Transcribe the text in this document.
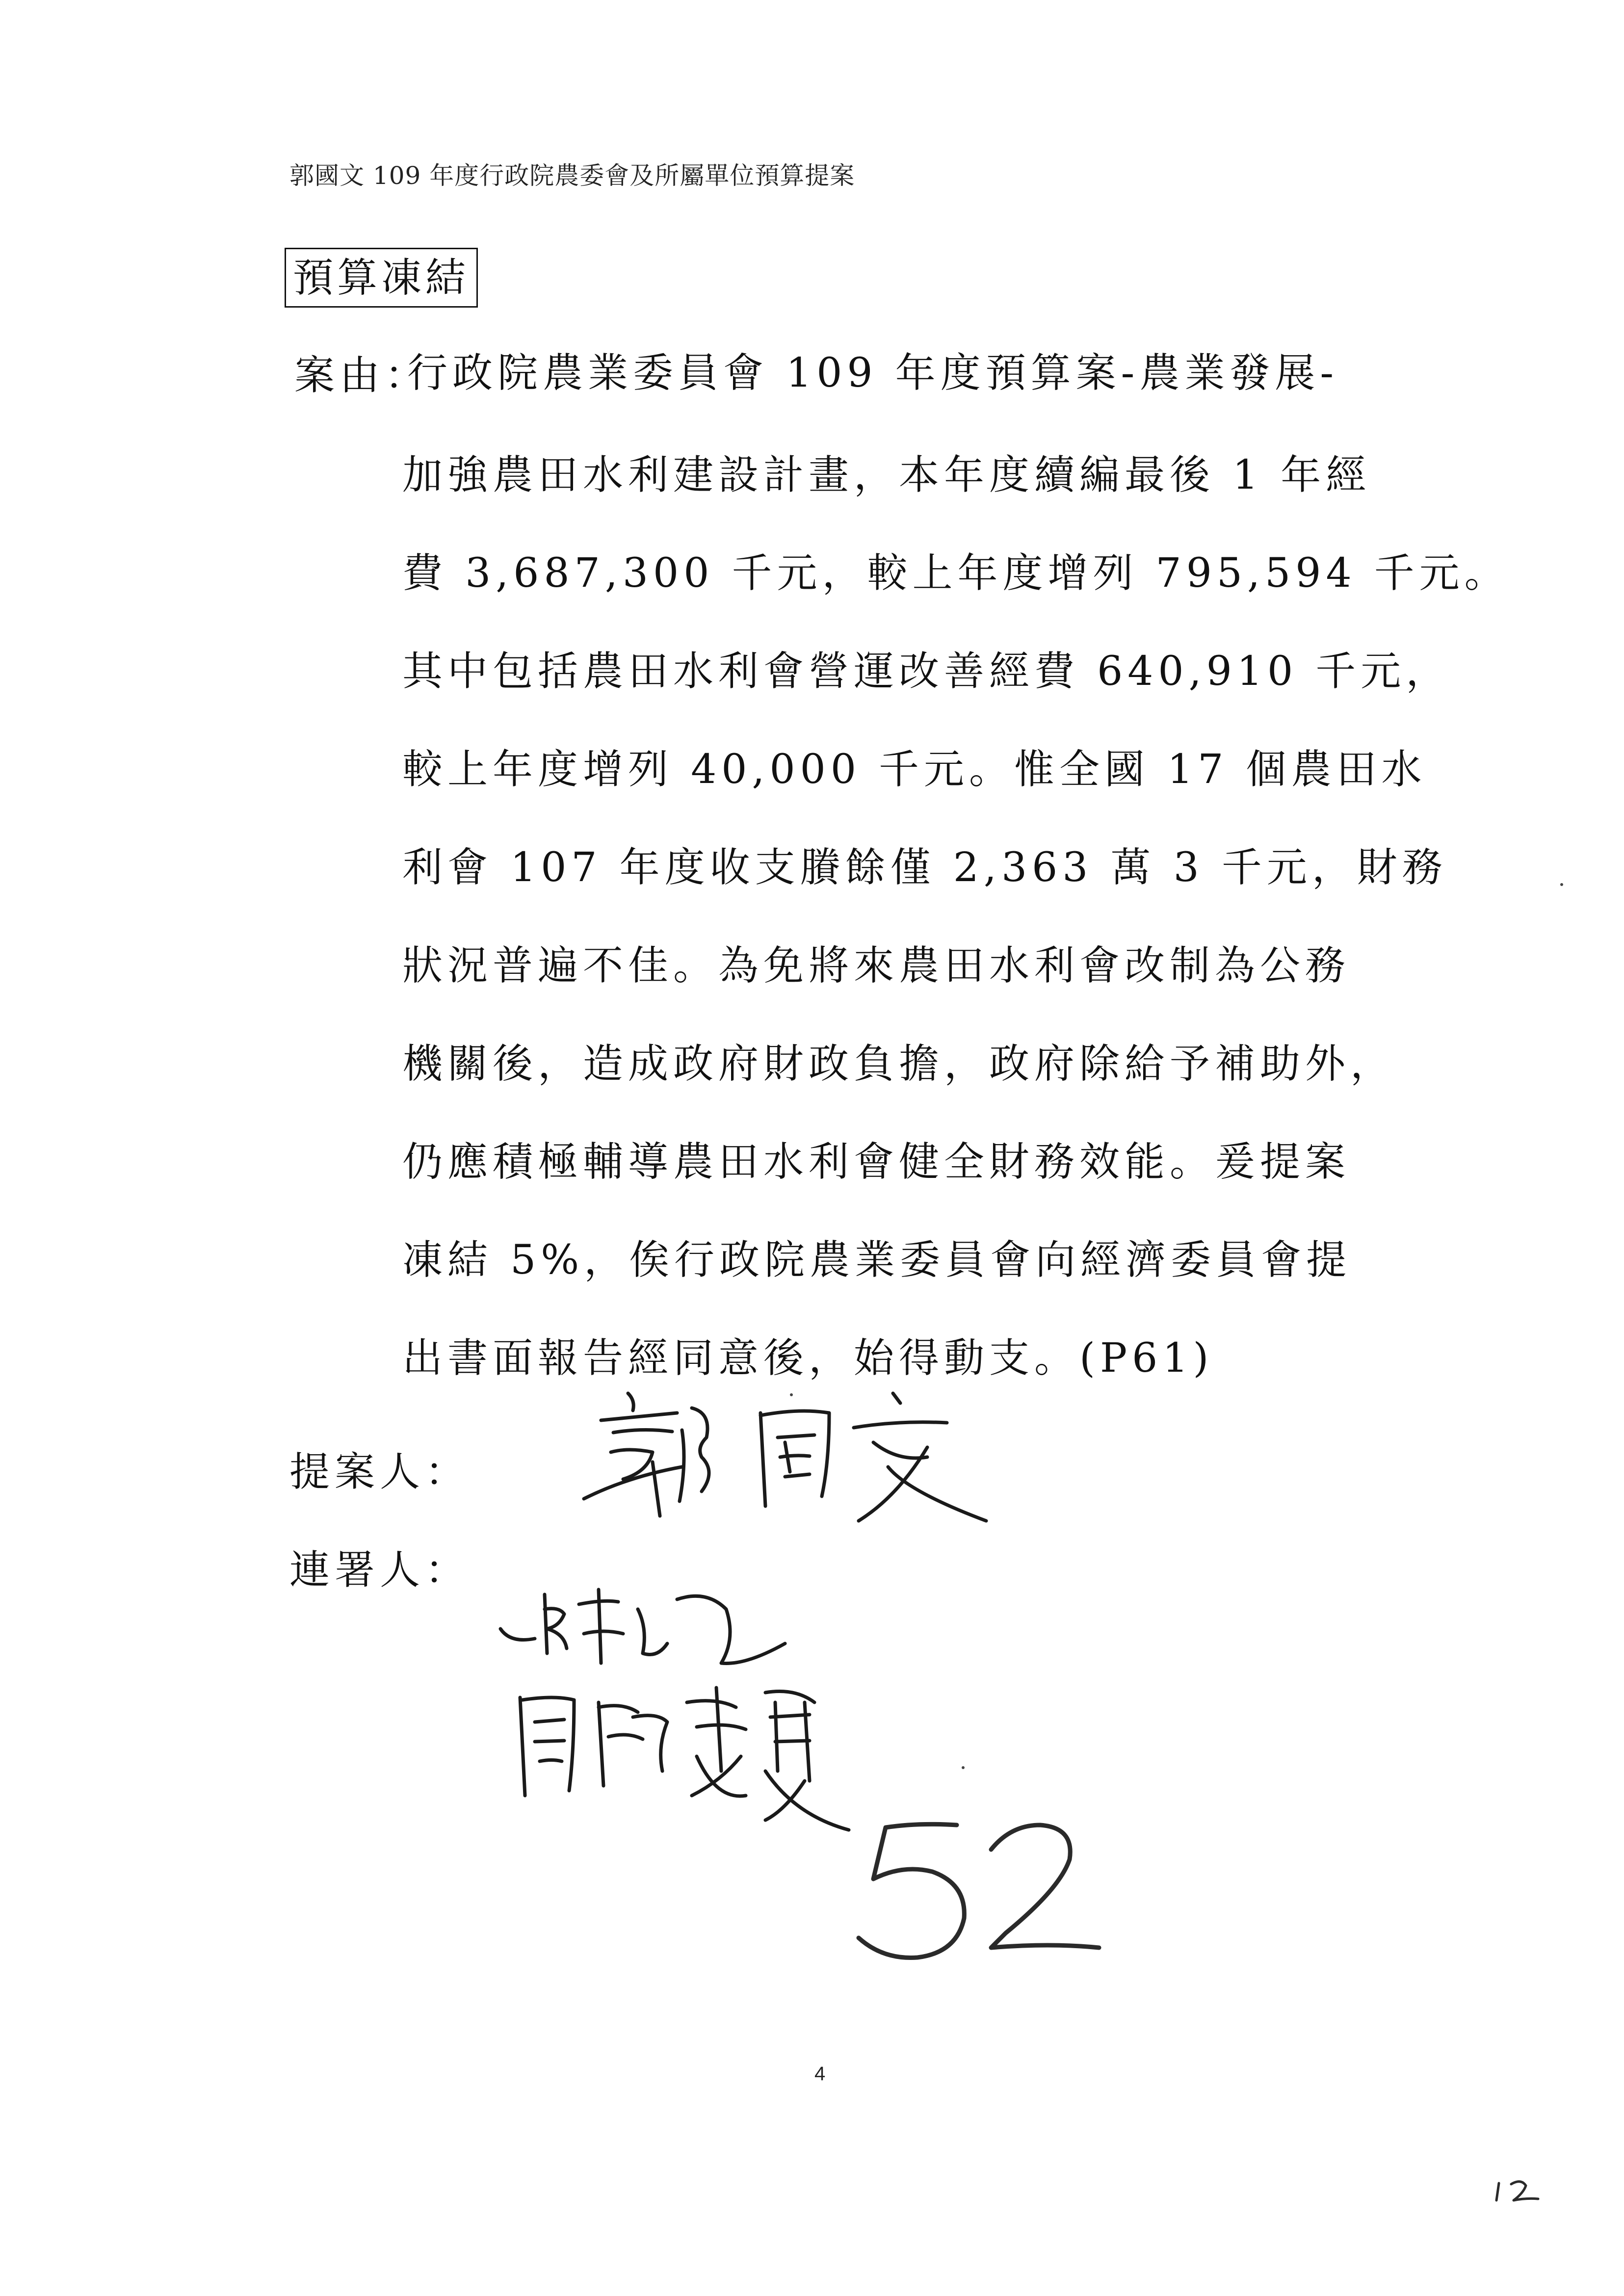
郭國文 109 年度行政院農委會及所屬單位預算提案
預算凍結
案由：
行政院農業委員會 109 年度預算案-農業發展-
加強農田水利建設計畫，本年度續編最後 1 年經
費 3,687,300 千元，較上年度增列 795,594 千元。
其中包括農田水利會營運改善經費 640,910 千元，
較上年度增列 40,000 千元。惟全國 17 個農田水
利會 107 年度收支賸餘僅 2,363 萬 3 千元，財務
狀況普遍不佳。為免將來農田水利會改制為公務
機關後，造成政府財政負擔，政府除給予補助外，
仍應積極輔導農田水利會健全財務效能。爰提案
凍結 5%，俟行政院農業委員會向經濟委員會提
出書面報告經同意後，始得動支。(P61)
提案人：
連署人：
4
